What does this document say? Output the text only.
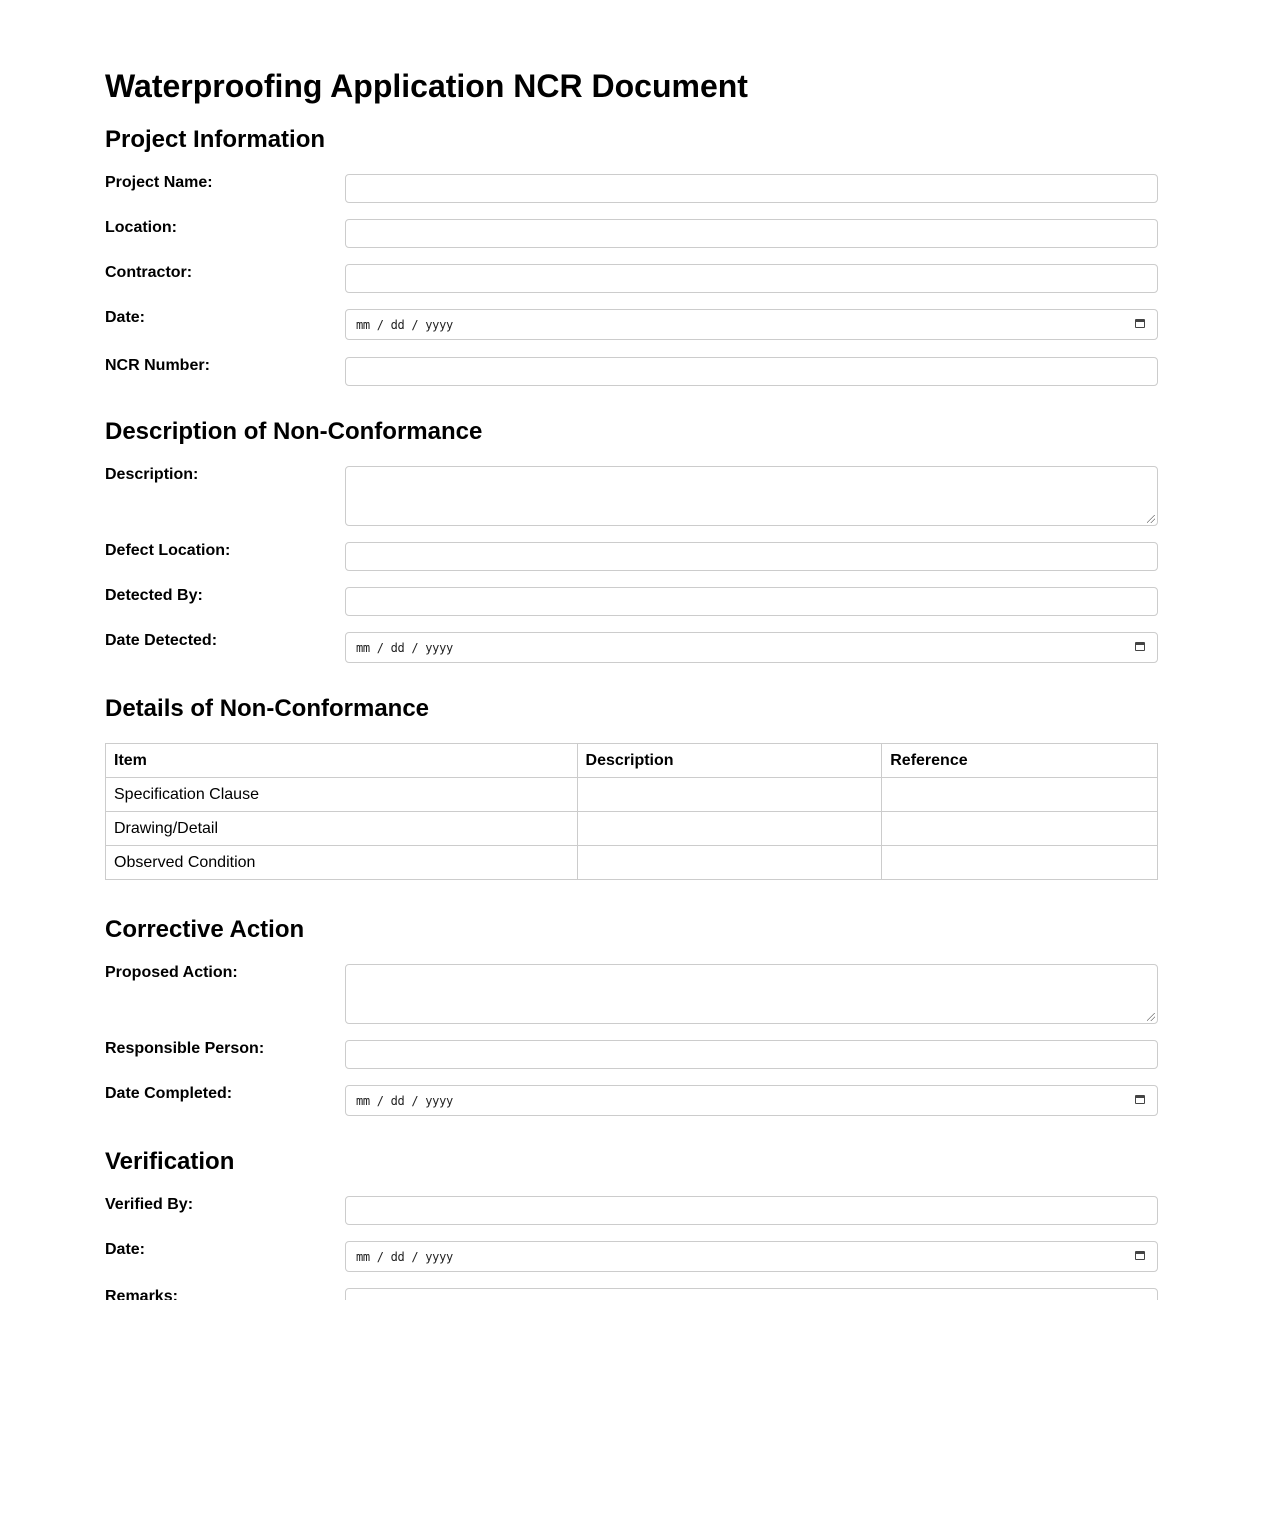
Waterproofing Application NCR Document
Project Information
Project Name:
Location:
Contractor:
Date:	mm / dd / yyyy
NCR Number:
Description of Non-Conformance
Description:
Defect Location:
Detected By:
Date Detected:	mm / dd / yyyy
Details of Non-Conformance
Item	Description	Reference
Specification Clause		
Drawing/Detail		
Observed Condition		
Corrective Action
Proposed Action:
Responsible Person:
Date Completed:	mm / dd / yyyy
Verification
Verified By:
Date:	mm / dd / yyyy
Remarks:
